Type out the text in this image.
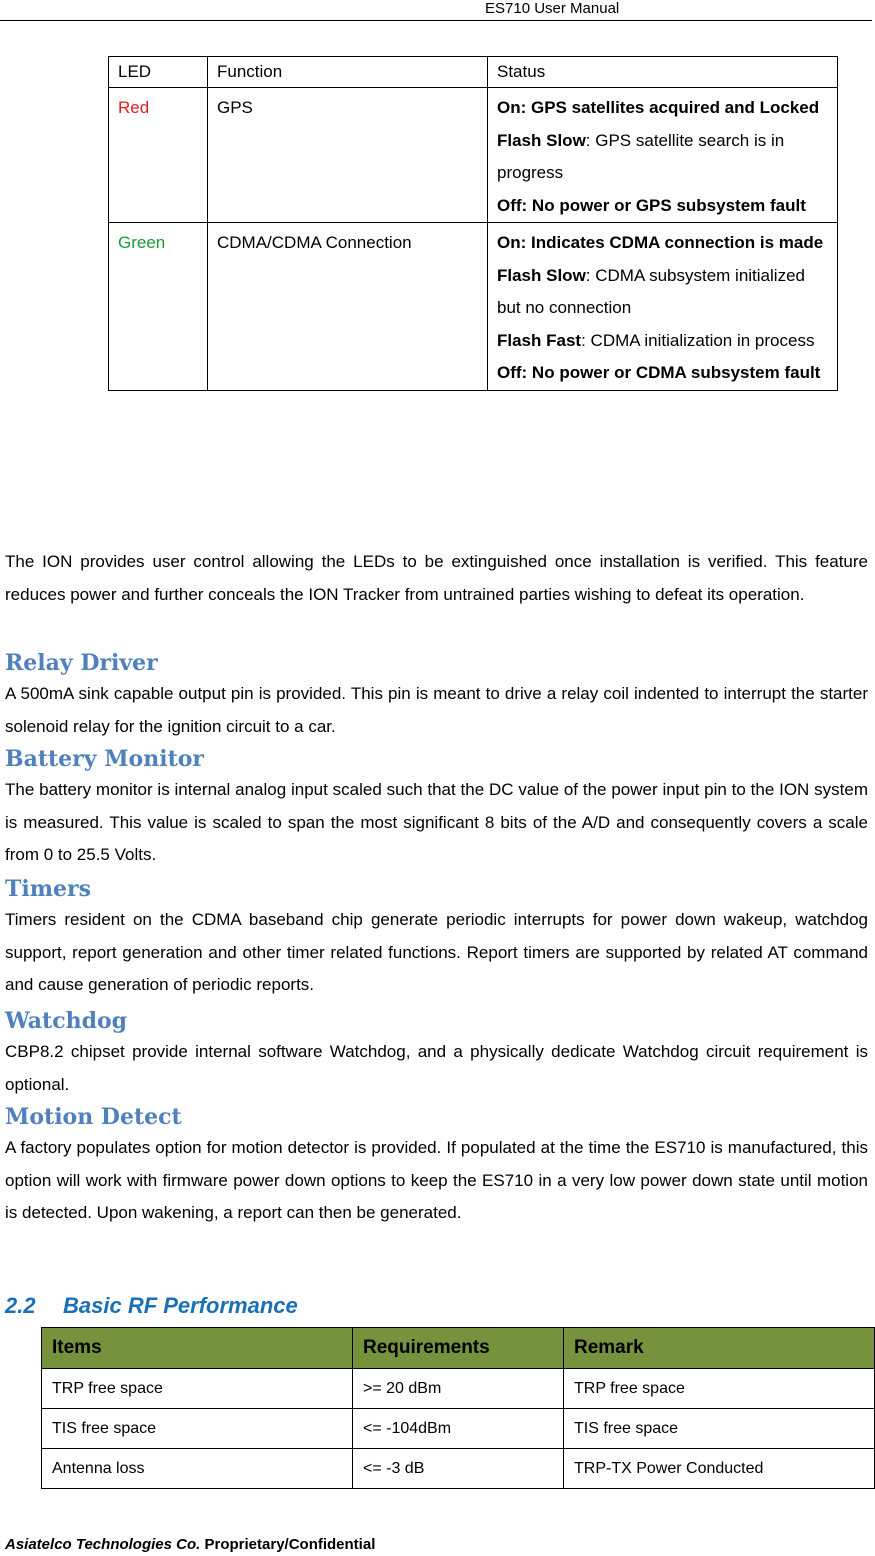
ES710 User Manual
LED	Function	Status
Red	GPS	On: GPS satellites acquired and Locked
Flash Slow: GPS satellite search is in progress
Off: No power or GPS subsystem fault

Green	CDMA/CDMA Connection	On: Indicates CDMA connection is made
Flash Slow: CDMA subsystem initialized but no connection
Flash Fast: CDMA initialization in process
Off: No power or CDMA subsystem fault

The ION provides user control allowing the LEDs to be extinguished once installation is verified. This feature reduces power and further conceals the ION Tracker from untrained parties wishing to defeat its operation.

Relay Driver

A 500mA sink capable output pin is provided. This pin is meant to drive a relay coil indented to interrupt the starter solenoid relay for the ignition circuit to a car.

Battery Monitor

The battery monitor is internal analog input scaled such that the DC value of the power input pin to the ION system is measured. This value is scaled to span the most significant 8 bits of the A/D and consequently covers a scale from 0 to 25.5 Volts.

Timers

Timers resident on the CDMA baseband chip generate periodic interrupts for power down wakeup, watchdog support, report generation and other timer related functions. Report timers are supported by related AT command and cause generation of periodic reports.

Watchdog

CBP8.2 chipset provide internal software Watchdog, and a physically dedicate Watchdog circuit requirement is optional.

Motion Detect

A factory populates option for motion detector is provided. If populated at the time the ES710 is manufactured, this option will work with firmware power down options to keep the ES710 in a very low power down state until motion is detected. Upon wakening, a report can then be generated.

2.2 Basic RF Performance
Items	Requirements	Remark
TRP free space	>= 20 dBm	TRP free space
TIS free space	<= -104dBm	TIS free space
Antenna loss	<= -3 dB	TRP-TX Power Conducted
Asiatelco Technologies Co. Proprietary/Confidential
